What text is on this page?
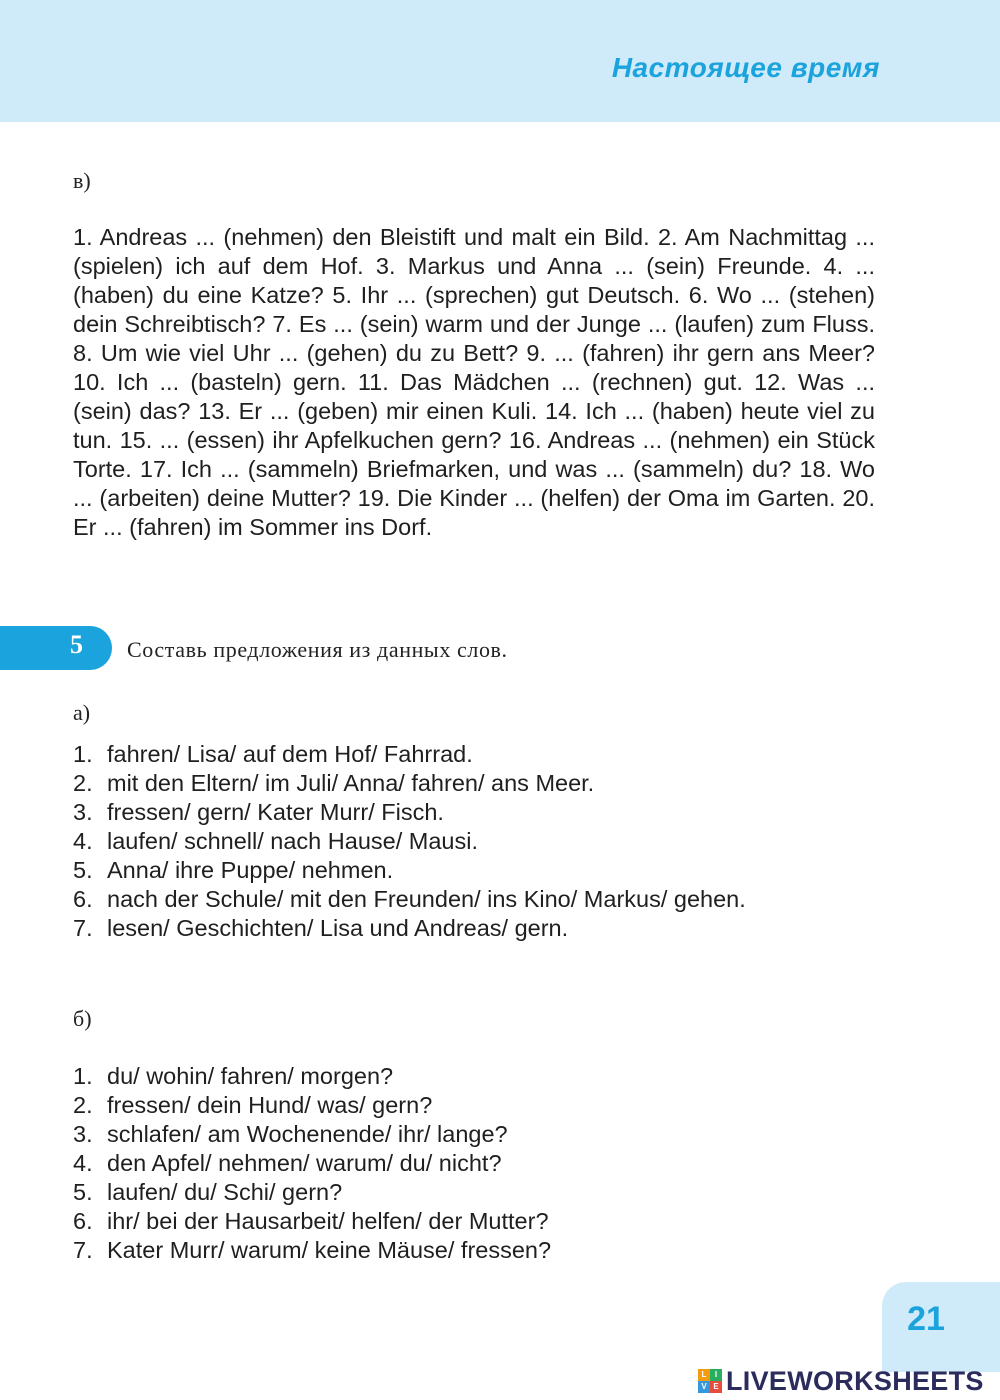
Настоящее время
в)
1. Andreas ... (nehmen) den Bleistift und malt ein Bild. 2. Am Nachmittag ... (spielen) ich auf dem Hof. 3. Markus und Anna ... (sein) Freunde. 4. ... (haben) du eine Katze? 5. Ihr ... (sprechen) gut Deutsch. 6. Wo ... (stehen) dein Schreibtisch? 7. Es ... (sein) warm und der Junge ... (laufen) zum Fluss. 8. Um wie viel Uhr ... (gehen) du zu Bett? 9. ... (fahren) ihr gern ans Meer? 10. Ich ... (basteln) gern. 11. Das Mädchen ... (rechnen) gut. 12. Was ... (sein) das? 13. Er ... (geben) mir einen Kuli. 14. Ich ... (haben) heute viel zu tun. 15. ... (essen) ihr Apfelkuchen gern? 16. Andreas ... (nehmen) ein Stück Torte. 17. Ich ... (sammeln) Briefmarken, und was ... (sammeln) du? 18. Wo ... (arbeiten) deine Mutter? 19. Die Kinder ... (helfen) der Oma im Garten. 20. Er ... (fahren) im Sommer ins Dorf.
5	Составь предложения из данных слов.
а)
1. fahren/ Lisa/ auf dem Hof/ Fahrrad.
2. mit den Eltern/ im Juli/ Anna/ fahren/ ans Meer.
3. fressen/ gern/ Kater Murr/ Fisch.
4. laufen/ schnell/ nach Hause/ Mausi.
5. Anna/ ihre Puppe/ nehmen.
6. nach der Schule/ mit den Freunden/ ins Kino/ Markus/ gehen.
7. lesen/ Geschichten/ Lisa und Andreas/ gern.
б)
1. du/ wohin/ fahren/ morgen?
2. fressen/ dein Hund/ was/ gern?
3. schlafen/ am Wochenende/ ihr/ lange?
4. den Apfel/ nehmen/ warum/ du/ nicht?
5. laufen/ du/ Schi/ gern?
6. ihr/ bei der Hausarbeit/ helfen/ der Mutter?
7. Kater Murr/ warum/ keine Mäuse/ fressen?
21
L	I
V E LIVEWORKSHEETS
